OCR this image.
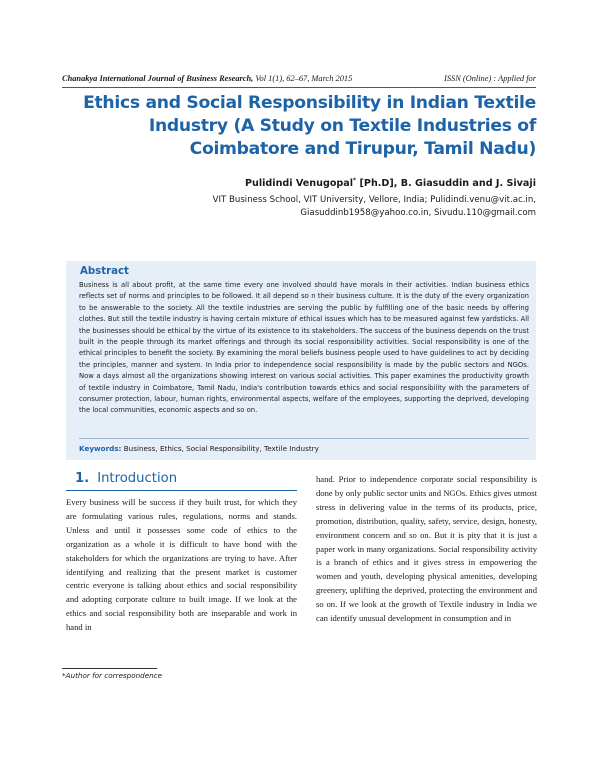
Chanakya International Journal of Business Research, Vol 1(1), 62–67, March 2015	ISSN (Online) : Applied for
Ethics and Social Responsibility in Indian Textile Industry (A Study on Textile Industries of Coimbatore and Tirupur, Tamil Nadu)
Pulidindi Venugopal* [Ph.D], B. Giasuddin and J. Sivaji
VIT Business School, VIT University, Vellore, India; Pulidindi.venu@vit.ac.in,
Giasuddinb1958@yahoo.co.in, Sivudu.110@gmail.com
Abstract
Business is all about profit, at the same time every one involved should have morals in their activities. Indian business ethics reflects set of norms and principles to be followed. It all depend so n their business culture. It is the duty of the every organization to be answerable to the society. All the textile industries are serving the public by fulfilling one of the basic needs by offering clothes. But still the textile industry is having certain mixture of ethical issues which has to be measured against few yardsticks. All the businesses should be ethical by the virtue of its existence to its stakeholders. The success of the business depends on the trust built in the people through its market offerings and through its social responsibility activities. Social responsibility is one of the ethical principles to benefit the society. By examining the moral beliefs business people used to have guidelines to act by deciding the principles, manner and system. In India prior to independence social responsibility is made by the public sectors and NGOs. Now a days almost all the organizations showing interest on various social activities. This paper examines the productivity growth of textile industry in Coimbatore, Tamil Nadu, India's contribution towards ethics and social responsibility with the parameters of consumer protection, labour, human rights, environmental aspects, welfare of the employees, supporting the deprived, developing the local communities, economic aspects and so on.
Keywords: Business, Ethics, Social Responsibility, Textile Industry
1. Introduction
Every business will be success if they built trust, for which they are formulating various rules, regulations, norms and stands. Unless and until it possesses some code of ethics to the organization as a whole it is difficult to have bond with the stakeholders for which the organizations are trying to have. After identifying and realizing that the present market is customer centric everyone is talking about ethics and social responsibility and adopting corporate culture to built image. If we look at the ethics and social responsibility both are inseparable and work in hand in
hand. Prior to independence corporate social responsibility is done by only public sector units and NGOs. Ethics gives utmost stress in delivering value in the terms of its products, price, promotion, distribution, quality, safety, service, design, honesty, environment concern and so on. But it is pity that it is just a paper work in many organizations. Social responsibility activity is a branch of ethics and it gives stress in empowering the women and youth, developing physical amenities, developing greenery, uplifting the deprived, protecting the environment and so on. If we look at the growth of Textile industry in India we can identify unusual development in consumption and in
*Author for correspondence
